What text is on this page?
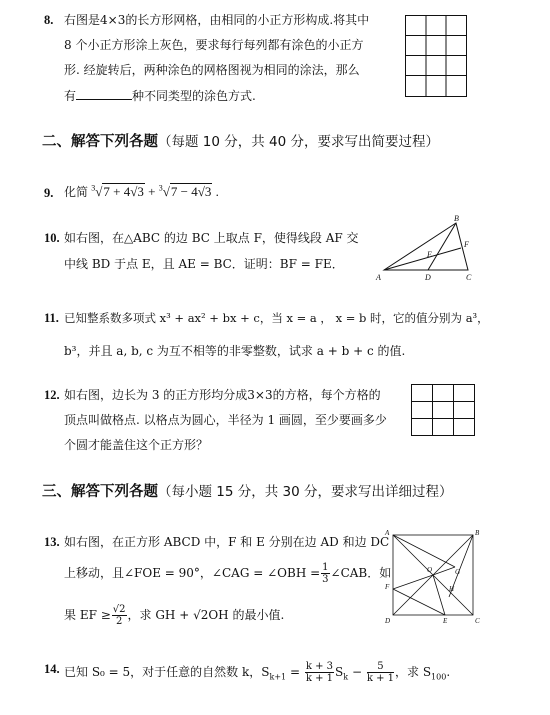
8. 右图是4×3的长方形网格，由相同的小正方形构成.将其中
8 个小正方形涂上灰色，要求每行每列都有涂色的小正方
形. 经旋转后，两种涂色的网格图视为相同的涂法，那么
有	种不同类型的涂色方式.
二、解答下列各题（每题 10 分，共 40 分，要求写出简要过程）
9. 化简 $^3$√7 + 4√3 + $^3$√7 − 4√3 .
10. 如右图，在△ABC 的边 BC 上取点 F，使得线段 AF 交
中线 BD 于点 E，且 AE = BC．证明：BF = FE．
A
B
C
D
E
F
11. 已知整系数多项式 x³ + ax² + bx + c，当 x = a ， x = b 时，它的值分别为 a³，
b³，并且 a, b, c 为互不相等的非零整数，试求 a + b + c 的值.
12. 如右图，边长为 3 的正方形均分成3×3的方格，每个方格的
顶点叫做格点. 以格点为圆心，半径为 1 画圆，至少要画多少
个圆才能盖住这个正方形？
三、解答下列各题（每小题 15 分，共 30 分，要求写出详细过程）
13. 如右图，在正方形 ABCD 中，F 和 E 分别在边 AD 和边 DC
上移动，且∠FOE = 90°，∠CAG = ∠OBH = $\frac{1}{3}$ ∠CAB．如
果 EF ≥ $\frac{√2}{2}$ ，求 GH + √2OH 的最小值.
A	B
C
D	E
F
G
H
O
14. 已知 S₀ = 5，对于任意的自然数 k，$S_{k+1} = \frac{k + 3}{k + 1} S_k - \frac{5}{k + 1}$ ，求 $S_{100}$.
